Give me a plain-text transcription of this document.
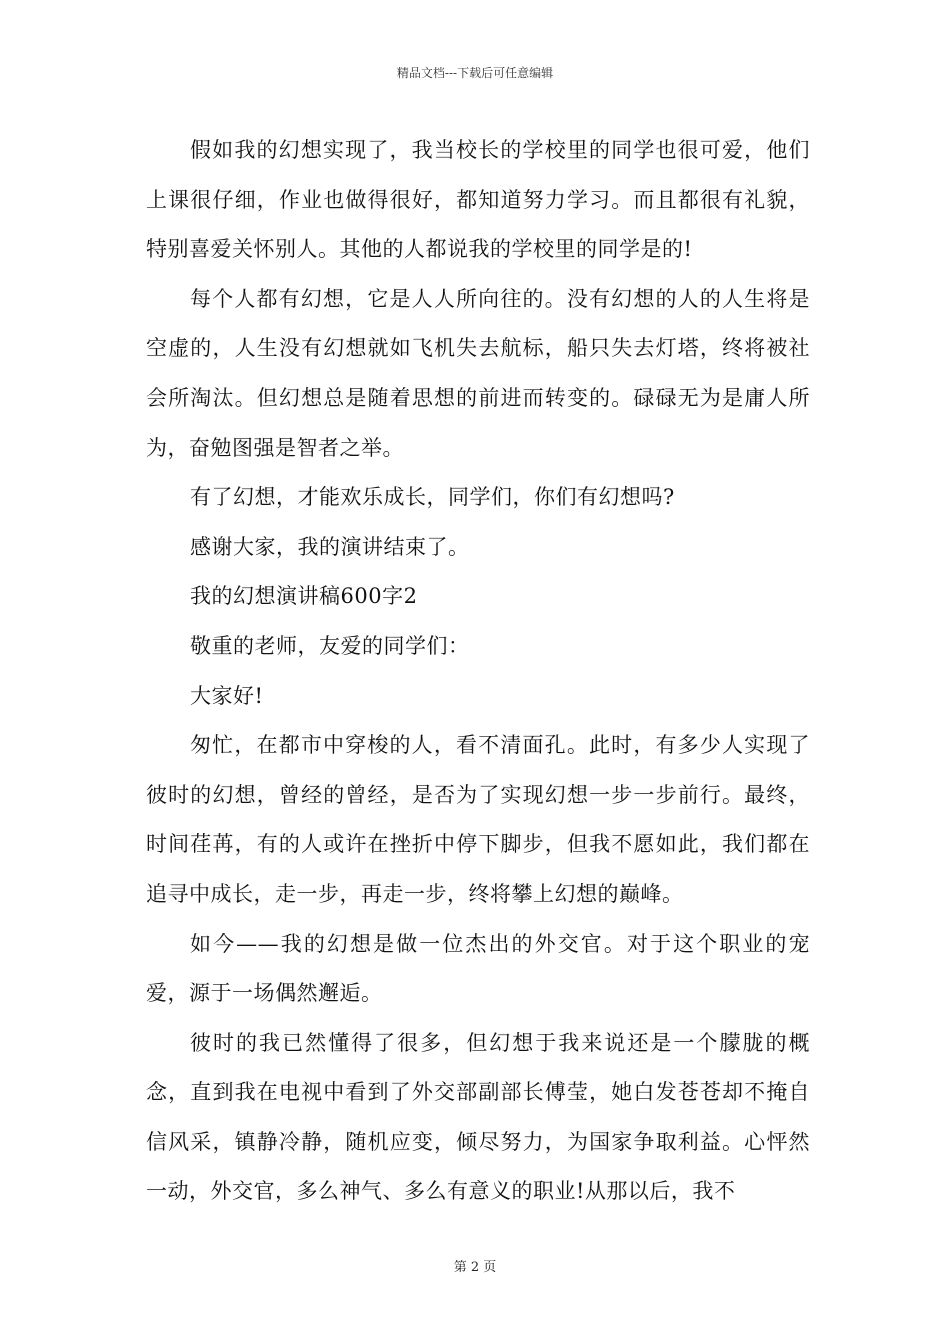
精品文档---下载后可任意编辑

假如我的幻想实现了，我当校长的学校里的同学也很可爱，他们上课很仔细，作业也做得很好，都知道努力学习。而且都很有礼貌，特别喜爱关怀别人。其他的人都说我的学校里的同学是的!

每个人都有幻想，它是人人所向往的。没有幻想的人的人生将是空虚的，人生没有幻想就如飞机失去航标，船只失去灯塔，终将被社会所淘汰。但幻想总是随着思想的前进而转变的。碌碌无为是庸人所为，奋勉图强是智者之举。

有了幻想，才能欢乐成长，同学们，你们有幻想吗?

感谢大家，我的演讲结束了。

我的幻想演讲稿600字2

敬重的老师，友爱的同学们：

大家好!

匆忙，在都市中穿梭的人，看不清面孔。此时，有多少人实现了彼时的幻想，曾经的曾经，是否为了实现幻想一步一步前行。最终，时间荏苒，有的人或许在挫折中停下脚步，但我不愿如此，我们都在追寻中成长，走一步，再走一步，终将攀上幻想的巅峰。

如今——我的幻想是做一位杰出的外交官。对于这个职业的宠爱，源于一场偶然邂逅。

彼时的我已然懂得了很多，但幻想于我来说还是一个朦胧的概念，直到我在电视中看到了外交部副部长傅莹，她白发苍苍却不掩自信风采，镇静冷静，随机应变，倾尽努力，为国家争取利益。心怦然一动，外交官，多么神气、多么有意义的职业!从那以后，我不

第 2 页
